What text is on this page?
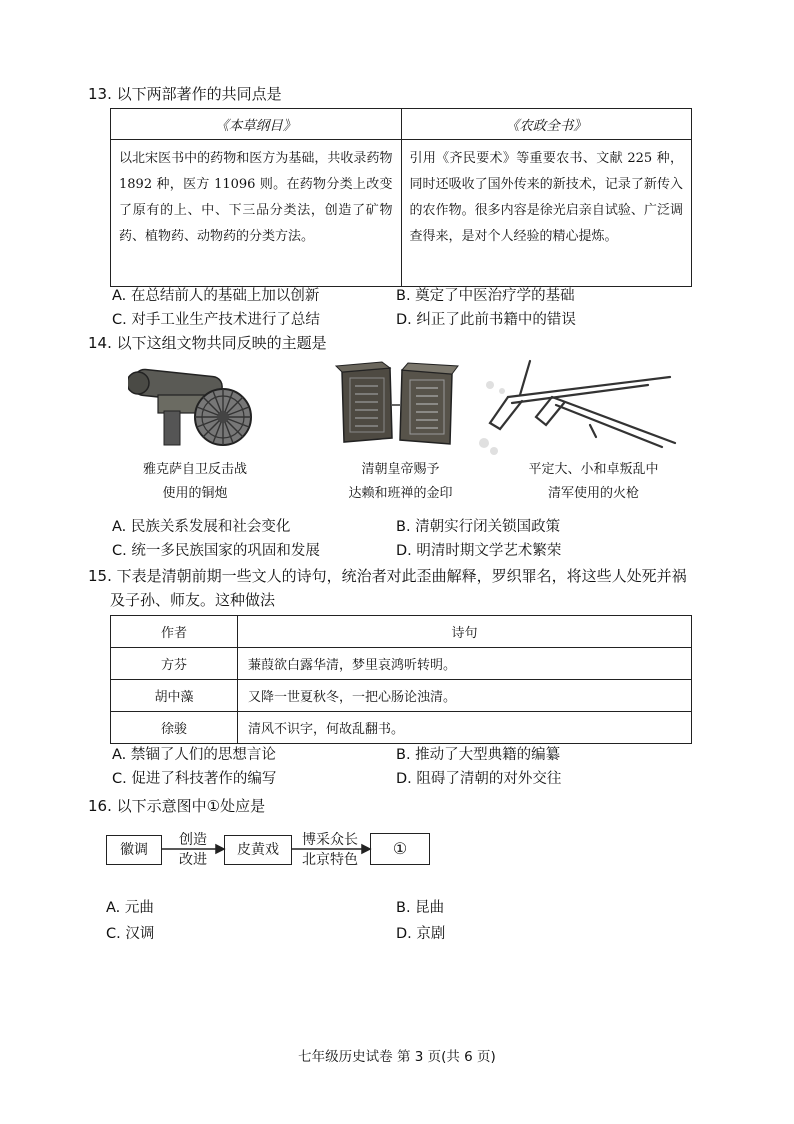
13. 以下两部著作的共同点是
《本草纲目》	《农政全书》
以北宋医书中的药物和医方为基础，共收录药物1892 种，医方 11096 则。在药物分类上改变了原有的上、中、下三品分类法，创造了矿物药、植物药、动物药的分类方法。	引用《齐民要术》等重要农书、文献 225 种，同时还吸收了国外传来的新技术，记录了新传入的农作物。很多内容是徐光启亲自试验、广泛调查得来，是对个人经验的精心提炼。
A. 在总结前人的基础上加以创新	B. 奠定了中医治疗学的基础
C. 对手工业生产技术进行了总结	D. 纠正了此前书籍中的错误
14. 以下这组文物共同反映的主题是
雅克萨自卫反击战
使用的铜炮
清朝皇帝赐予
达赖和班禅的金印
平定大、小和卓叛乱中
清军使用的火枪
A. 民族关系发展和社会变化	B. 清朝实行闭关锁国政策
C. 统一多民族国家的巩固和发展	D. 明清时期文学艺术繁荣
15. 下表是清朝前期一些文人的诗句，统治者对此歪曲解释，罗织罪名，将这些人处死并祸
及子孙、师友。这种做法
作者	诗句
方芬	蒹葭欲白露华清，梦里哀鸿听转明。
胡中藻	又降一世夏秋冬，一把心肠论浊清。
徐骏	清风不识字，何故乱翻书。
A. 禁锢了人们的思想言论	B. 推动了大型典籍的编纂
C. 促进了科技著作的编写	D. 阻碍了清朝的对外交往
16. 以下示意图中①处应是
徽调
创造
改进
皮黄戏
博采众长
北京特色
①
A. 元曲	B. 昆曲
C. 汉调	D. 京剧
七年级历史试卷 第 3 页(共 6 页)
